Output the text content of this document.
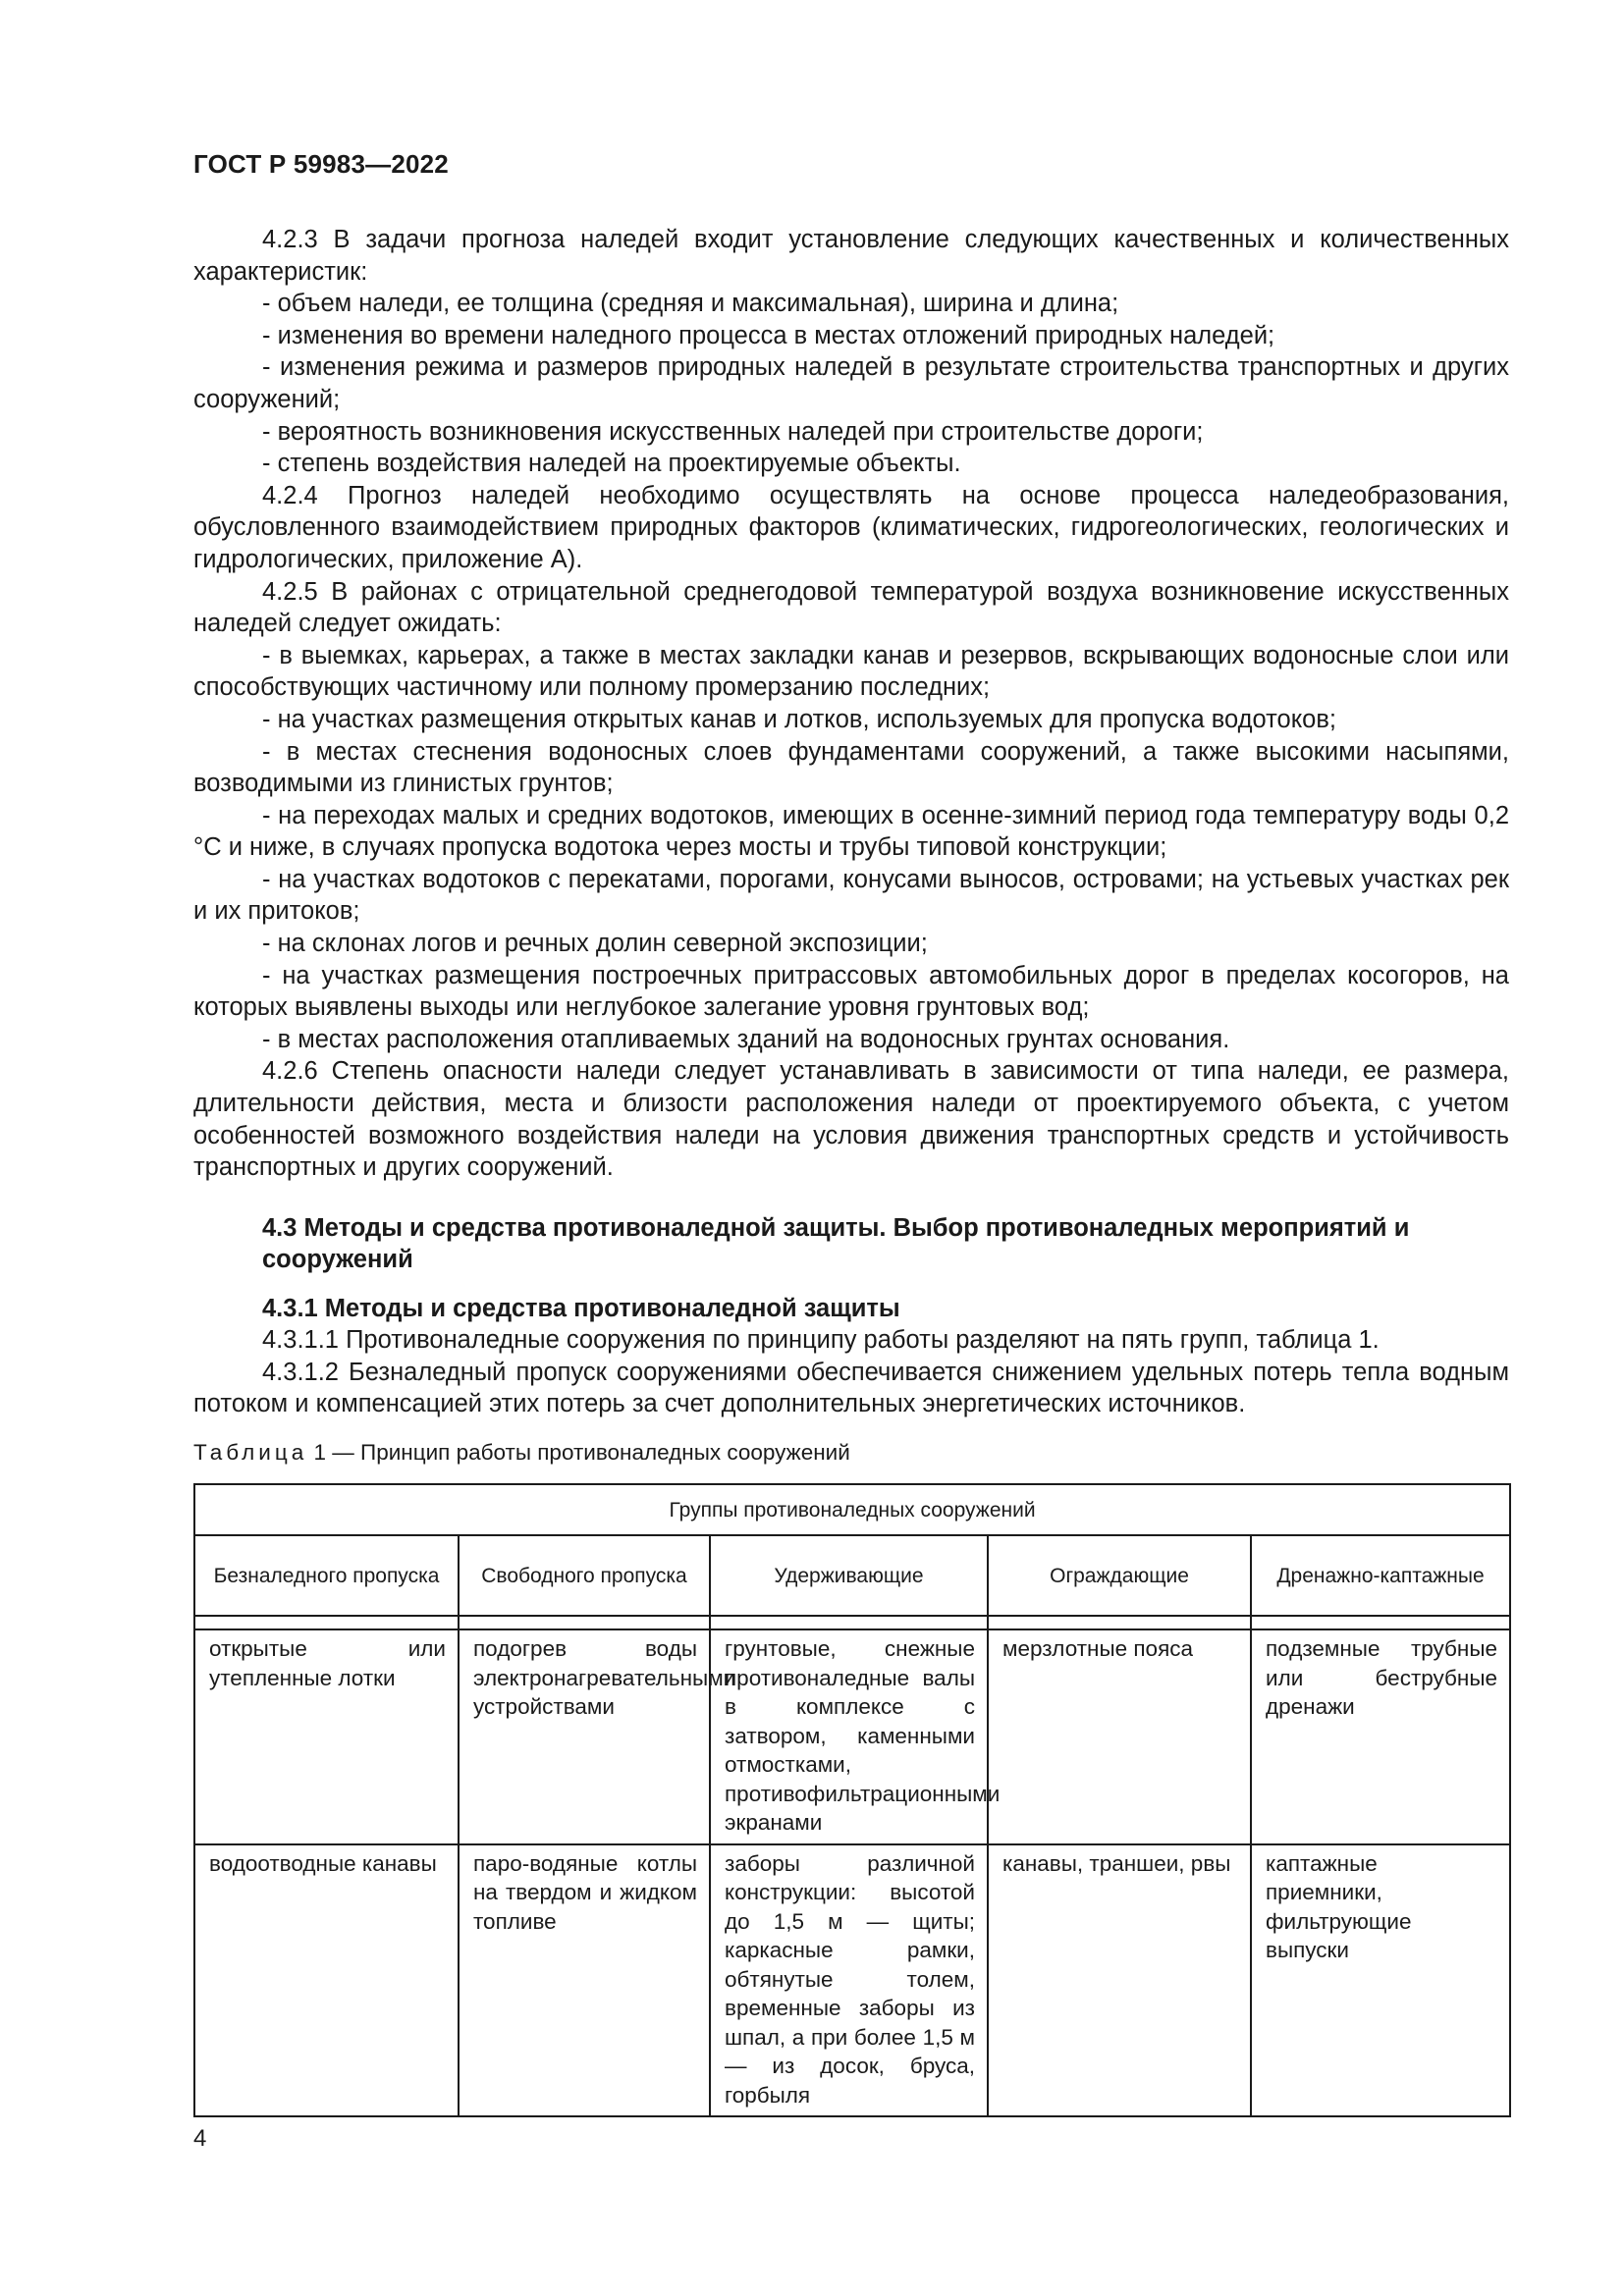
ГОСТ Р 59983—2022

4.2.3 В задачи прогноза наледей входит установление следующих качественных и количественных характеристик:

- объем наледи, ее толщина (средняя и максимальная), ширина и длина;

- изменения во времени наледного процесса в местах отложений природных наледей;

- изменения режима и размеров природных наледей в результате строительства транспортных и других сооружений;

- вероятность возникновения искусственных наледей при строительстве дороги;

- степень воздействия наледей на проектируемые объекты.

4.2.4 Прогноз наледей необходимо осуществлять на основе процесса наледеобразования, обусловленного взаимодействием природных факторов (климатических, гидрогеологических, геологических и гидрологических, приложение А).

4.2.5 В районах с отрицательной среднегодовой температурой воздуха возникновение искусственных наледей следует ожидать:

- в выемках, карьерах, а также в местах закладки канав и резервов, вскрывающих водоносные слои или способствующих частичному или полному промерзанию последних;

- на участках размещения открытых канав и лотков, используемых для пропуска водотоков;

- в местах стеснения водоносных слоев фундаментами сооружений, а также высокими насыпями, возводимыми из глинистых грунтов;

- на переходах малых и средних водотоков, имеющих в осенне-зимний период года температуру воды 0,2 °С и ниже, в случаях пропуска водотока через мосты и трубы типовой конструкции;

- на участках водотоков с перекатами, порогами, конусами выносов, островами; на устьевых участках рек и их притоков;

- на склонах логов и речных долин северной экспозиции;

- на участках размещения построечных притрассовых автомобильных дорог в пределах косогоров, на которых выявлены выходы или неглубокое залегание уровня грунтовых вод;

- в местах расположения отапливаемых зданий на водоносных грунтах основания.

4.2.6 Степень опасности наледи следует устанавливать в зависимости от типа наледи, ее размера, длительности действия, места и близости расположения наледи от проектируемого объекта, с учетом особенностей возможного воздействия наледи на условия движения транспортных средств и устойчивость транспортных и других сооружений.

4.3 Методы и средства противоналедной защиты. Выбор противоналедных мероприятий и сооружений
4.3.1 Методы и средства противоналедной защиты

4.3.1.1 Противоналедные сооружения по принципу работы разделяют на пять групп, таблица 1.

4.3.1.2 Безналедный пропуск сооружениями обеспечивается снижением удельных потерь тепла водным потоком и компенсацией этих потерь за счет дополнительных энергетических источников.

Таблица 1 — Принцип работы противоналедных сооружений
Группы противоналедных сооружений				
Безналедного пропуска	Свободного пропуска	Удерживающие	Ограждающие	Дренажно-каптажные

открытые или утепленные лотки	подогрев воды электронагревательными устройствами	грунтовые, снежные противоналедные валы в комплексе с затвором, каменными отмостками, противофильтрационными экранами	мерзлотные пояса	подземные трубные или беструбные дренажи
водоотводные канавы	паро-водяные котлы на твердом и жидком топливе	заборы различной конструкции: высотой до 1,5 м — щиты; каркасные рамки, обтянутые толем, временные заборы из шпал, а при более 1,5 м — из досок, бруса, горбыля	канавы, траншеи, рвы	каптажные приемники, фильтрующие выпуски
4
